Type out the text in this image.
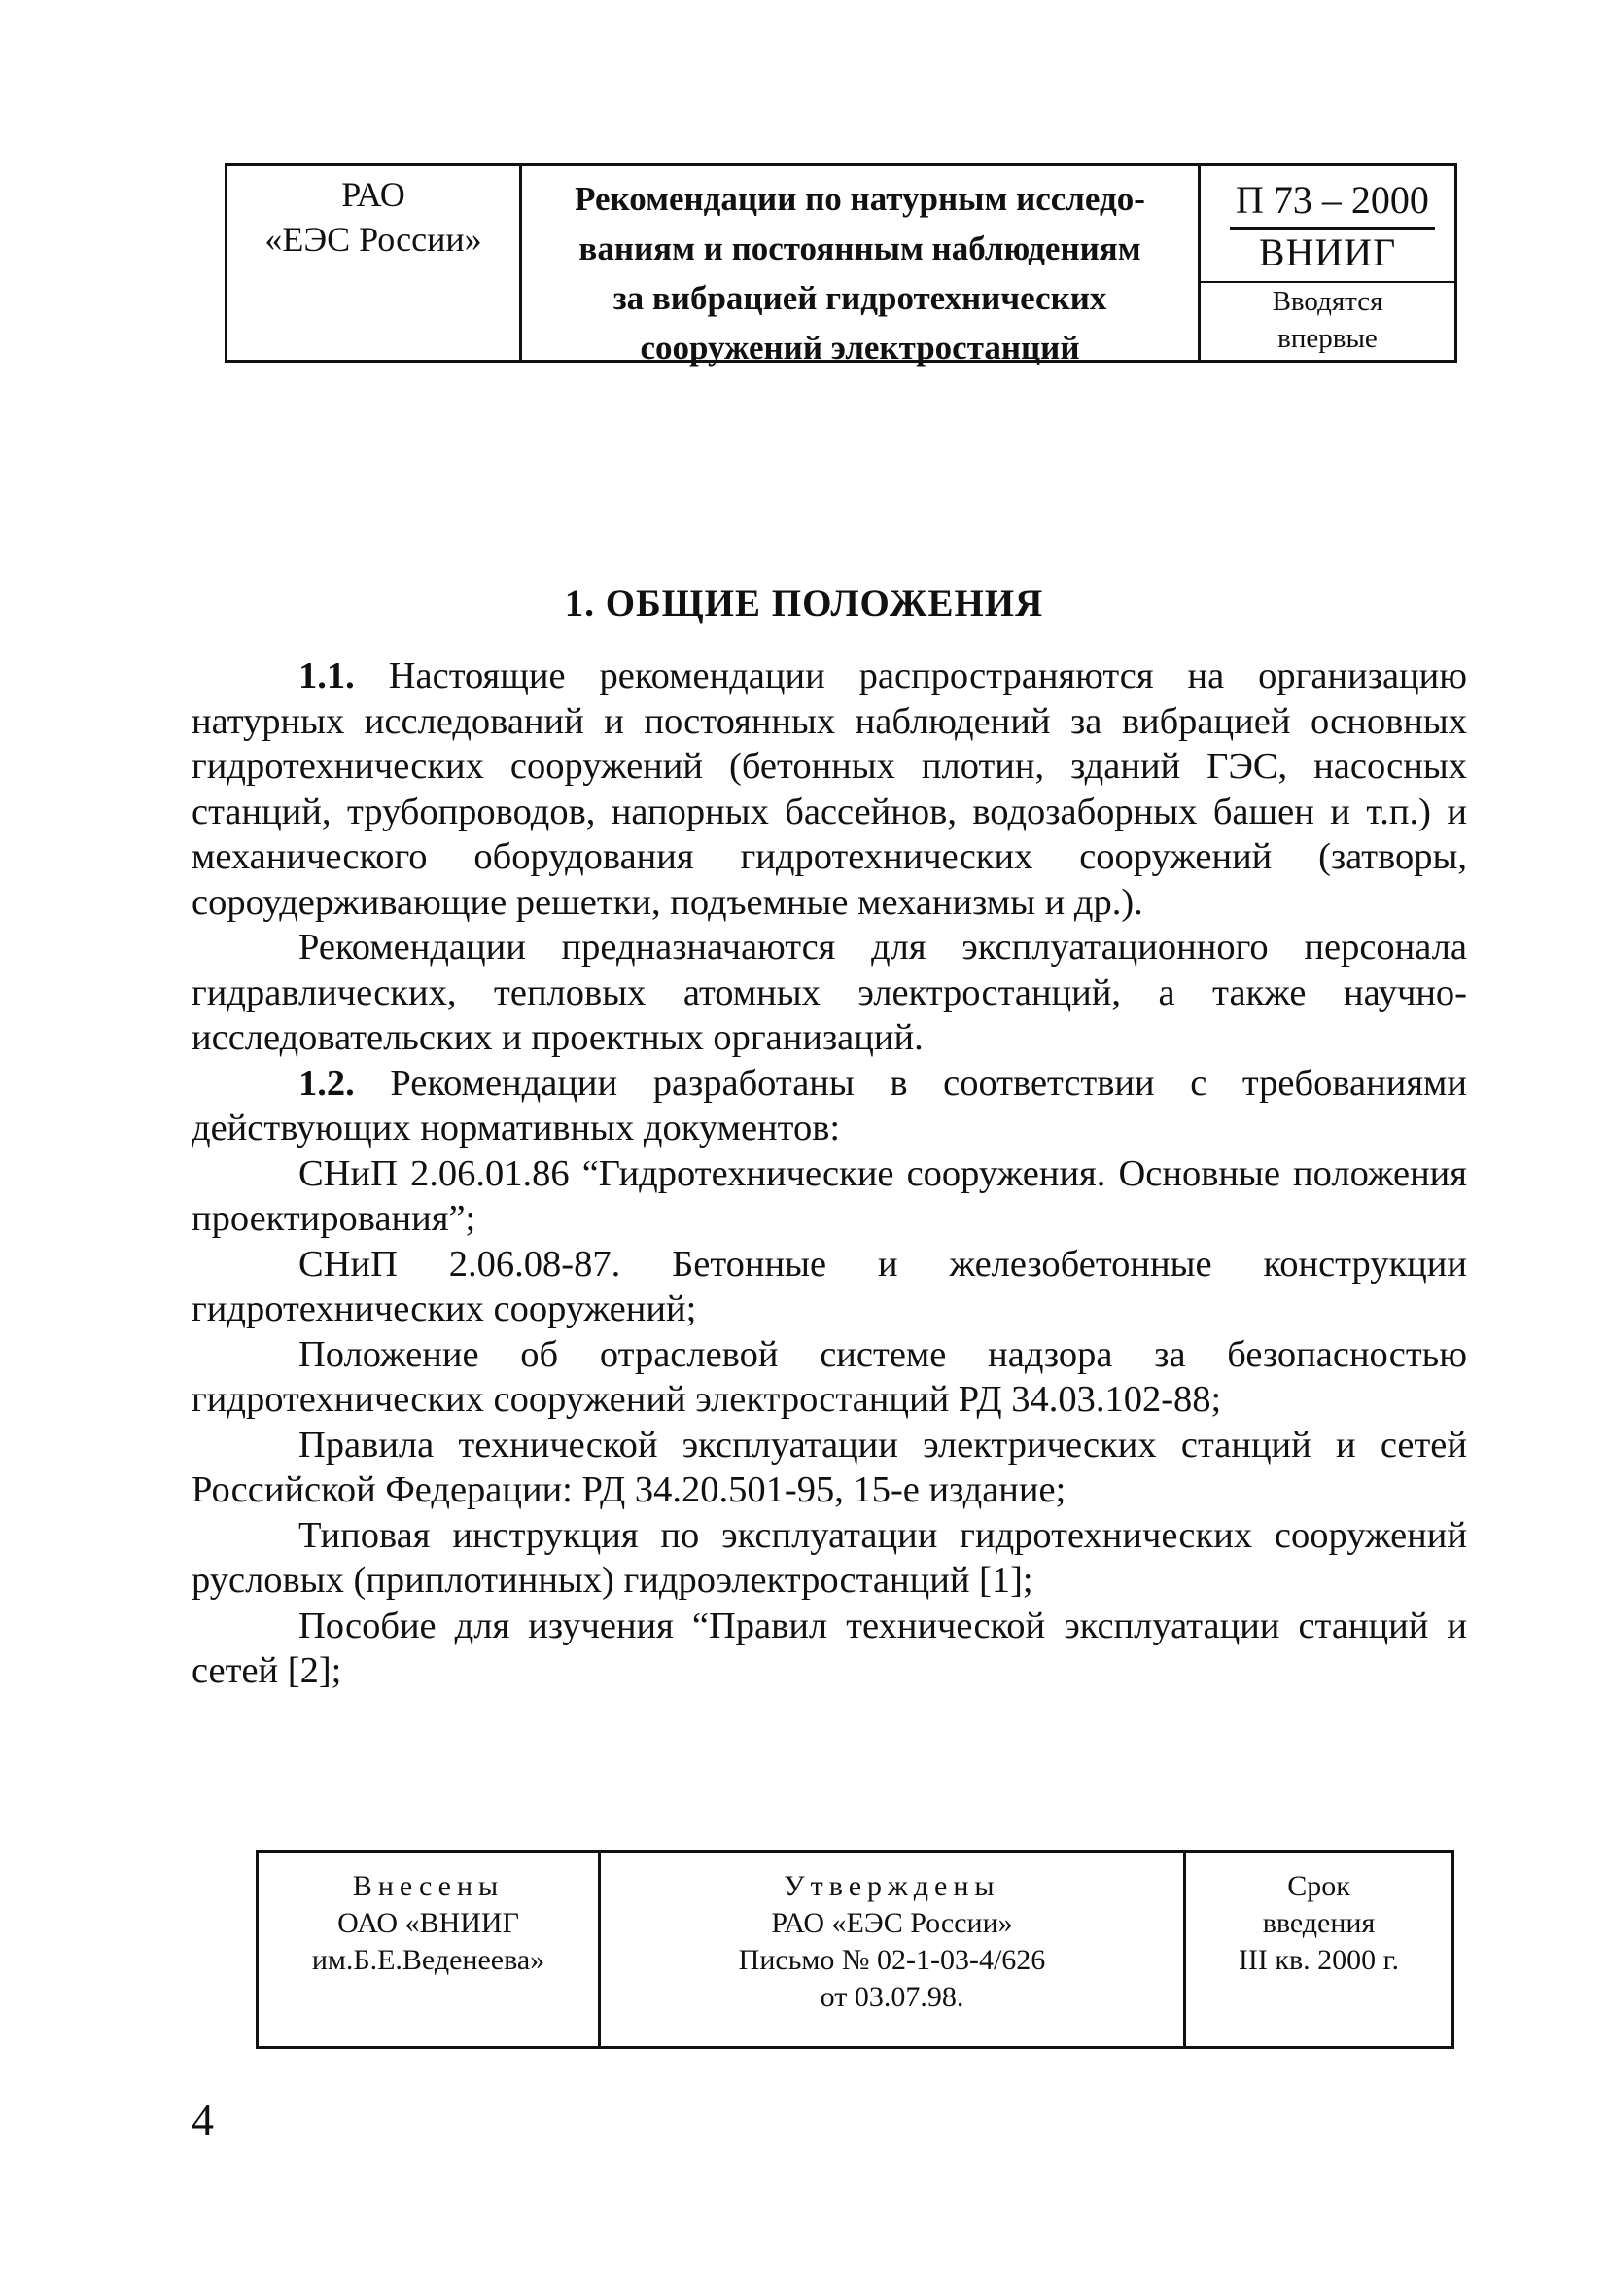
РАО
«ЕЭС России»
Рекомендации по натурным исследо-
ваниям и постоянным наблюдениям
за вибрацией гидротехнических
сооружений электростанций
П 73 – 2000
ВНИИГ
Вводятся
впервые
1. ОБЩИЕ ПОЛОЖЕНИЯ

1.1. Настоящие рекомендации распространяются на организацию натурных исследований и постоянных наблюдений за вибрацией основных гидротехнических сооружений (бетонных плотин, зданий ГЭС, насосных станций, трубопроводов, напорных бассейнов, водозаборных башен и т.п.) и механического оборудования гидротехнических сооружений (затворы, сороудерживающие решетки, подъемные механизмы и др.).

Рекомендации предназначаются для эксплуатационного персонала гидравлических, тепловых атомных электростанций, а также научно-исследовательских и проектных организаций.

1.2. Рекомендации разработаны в соответствии с требованиями действующих нормативных документов:

СНиП 2.06.01.86 “Гидротехнические сооружения. Основные положения проектирования”;

СНиП 2.06.08-87. Бетонные и железобетонные конструкции гидротехнических сооружений;

Положение об отраслевой системе надзора за безопасностью гидротехнических сооружений электростанций РД 34.03.102-88;

Правила технической эксплуатации электрических станций и сетей Российской Федерации: РД 34.20.501-95, 15-е издание;

Типовая инструкция по эксплуатации гидротехнических сооружений русловых (приплотинных) гидроэлектростанций [1];

Пособие для изучения “Правил технической эксплуатации станций и сетей [2];

Внесены
ОАО «ВНИИГ
им.Б.Е.Веденеева»
Утверждены
РАО «ЕЭС России»
Письмо № 02-1-03-4/626
от 03.07.98.
Срок
введения
III кв. 2000 г.
4
